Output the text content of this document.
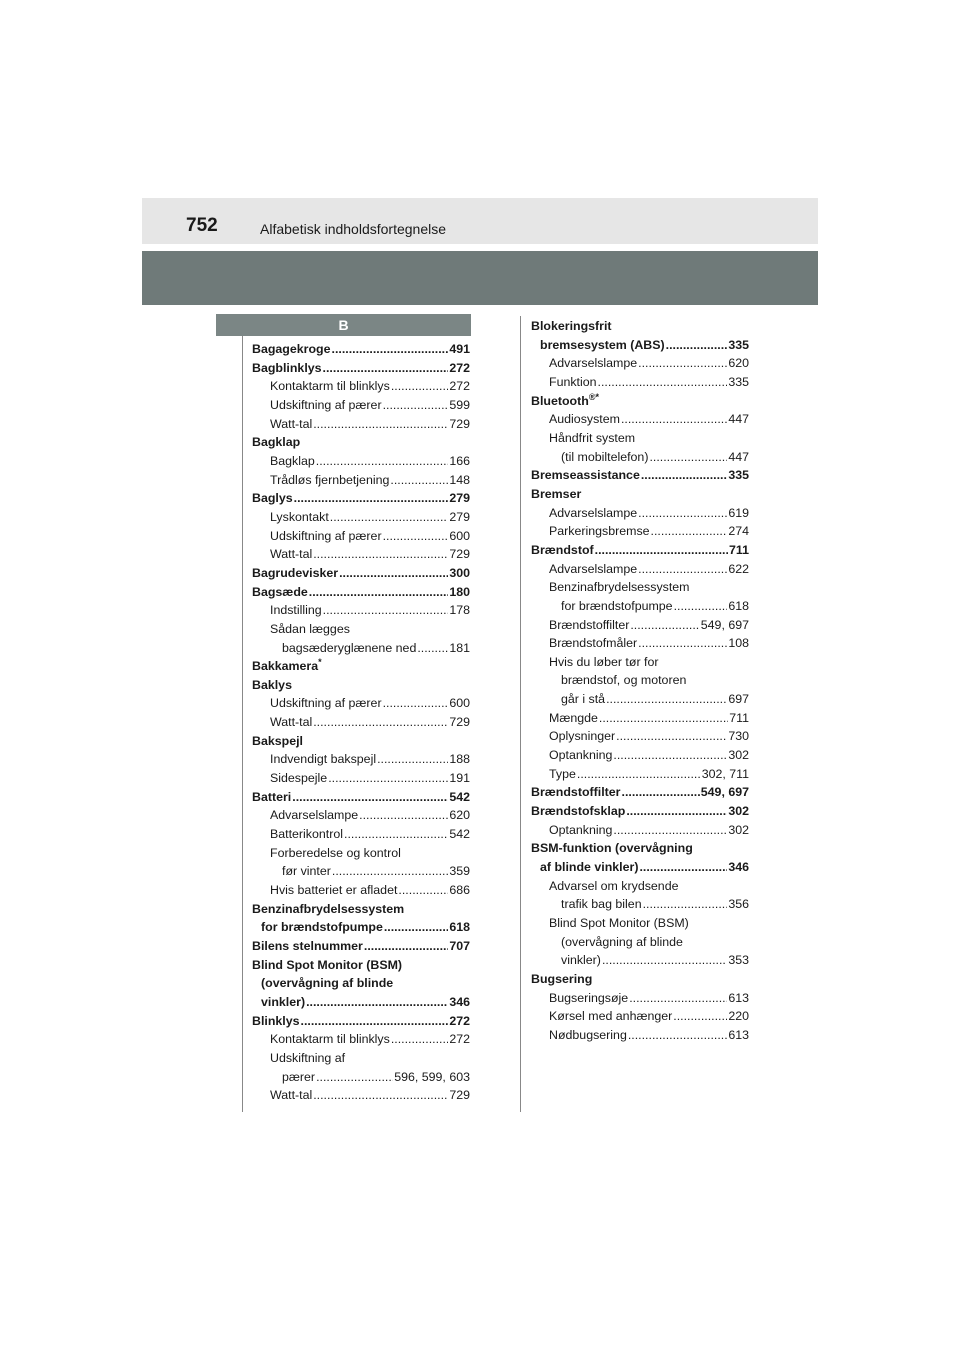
752	Alfabetisk indholdsfortegnelse
B
Bagagekroge .....	491
Bagblinklys .....	272
Kontaktarm til blinklys .....	272
Udskiftning af pærer .....	599
Watt-tal .....	729
Bagklap
Bagklap .....	166
Trådløs fjernbetjening .....	148
Baglys .....	279
Lyskontakt .....	279
Udskiftning af pærer .....	600
Watt-tal .....	729
Bagrudevisker .....	300
Bagsæde .....	180
Indstilling .....	178
Sådan lægges
bagsæderyglænene ned .....	181
Bakkamera*
Baklys
Udskiftning af pærer .....	600
Watt-tal .....	729
Bakspejl
Indvendigt bakspejl .....	188
Sidespejle .....	191
Batteri .....	542
Advarselslampe .....	620
Batterikontrol .....	542
Forberedelse og kontrol
før vinter .....	359
Hvis batteriet er afladet .....	686
Benzinafbrydelsessystem
for brændstofpumpe .....	618
Bilens stelnummer .....	707
Blind Spot Monitor (BSM)
(overvågning af blinde
vinkler) .....	346
Blinklys .....	272
Kontaktarm til blinklys .....	272
Udskiftning af
pærer .....	596, 599, 603
Watt-tal .....	729
Blokeringsfrit
bremsesystem (ABS) .....	335
Advarselslampe .....	620
Funktion .....	335
Bluetooth®*
Audiosystem .....	447
Håndfrit system
(til mobiltelefon) .....	447
Bremseassistance .....	335
Bremser
Advarselslampe .....	619
Parkeringsbremse .....	274
Brændstof .....	711
Advarselslampe .....	622
Benzinafbrydelsessystem
for brændstofpumpe .....	618
Brændstoffilter .....	549, 697
Brændstofmåler .....	108
Hvis du løber tør for
brændstof, og motoren
går i stå .....	697
Mængde .....	711
Oplysninger .....	730
Optankning .....	302
Type .....	302, 711
Brændstoffilter .....	549, 697
Brændstofsklap .....	302
Optankning .....	302
BSM-funktion (overvågning
af blinde vinkler) .....	346
Advarsel om krydsende
trafik bag bilen .....	356
Blind Spot Monitor (BSM)
(overvågning af blinde
vinkler) .....	353
Bugsering
Bugseringsøje .....	613
Kørsel med anhænger .....	220
Nødbugsering .....	613
